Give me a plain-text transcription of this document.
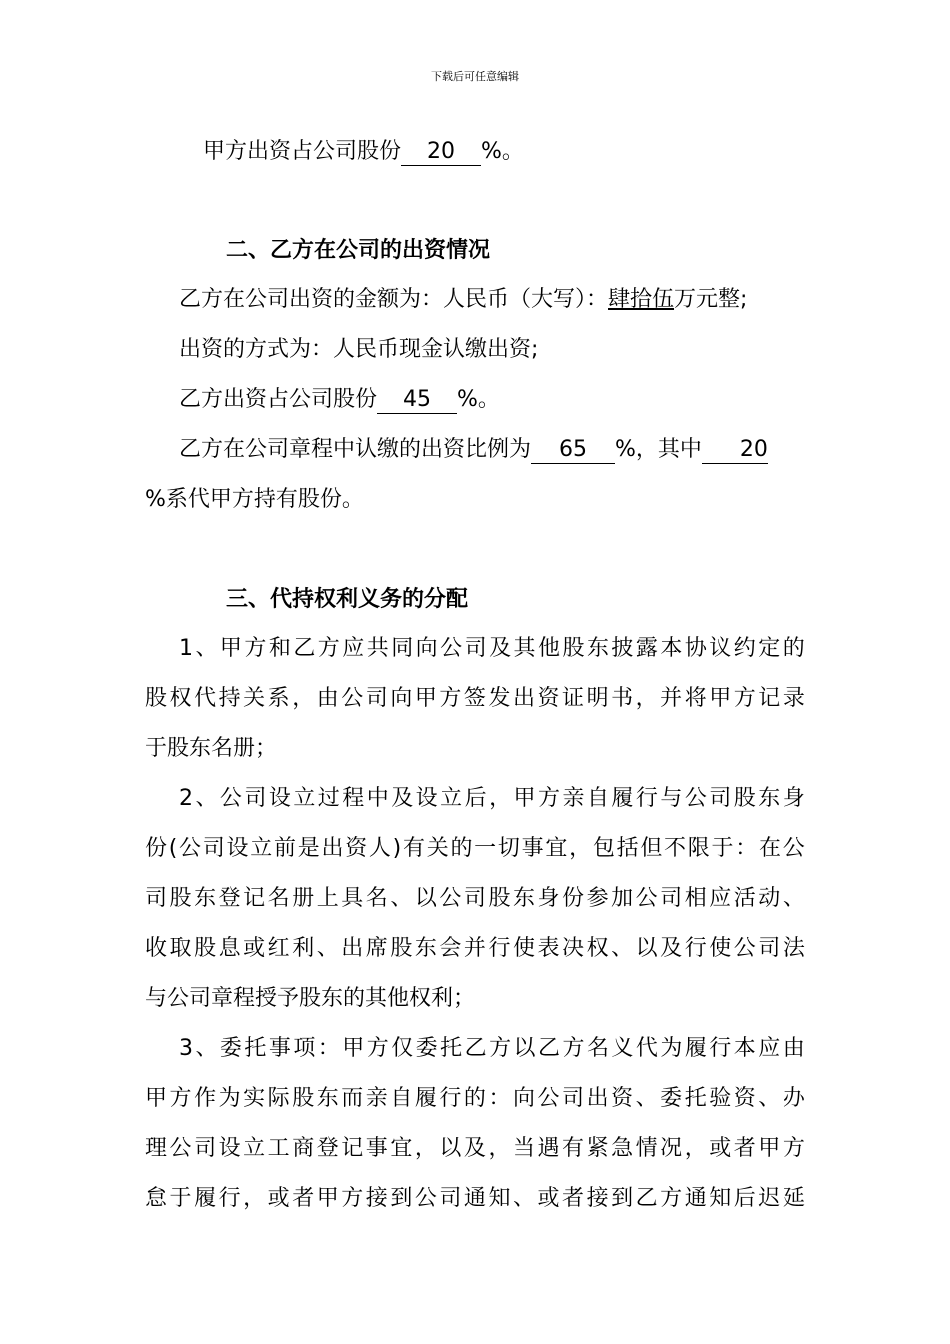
下载后可任意编辑
甲方出资占公司股份 20 %。
二、乙方在公司的出资情况
乙方在公司出资的金额为：人民币（大写）：肆拾伍万元整;
出资的方式为：人民币现金认缴出资;
乙方出资占公司股份 45 %。
乙方在公司章程中认缴的出资比例为 65 %，其中 20
%系代甲方持有股份。
三、代持权利义务的分配
1 、 甲 方 和 乙 方 应 共 同 向 公 司 及 其 他 股 东 披 露 本 协 议 约 定 的
股 权 代 持 关 系 ， 由 公 司 向 甲 方 签 发 出 资 证 明 书 ， 并 将 甲 方 记 录
于股东名册；
2 、 公 司 设 立 过 程 中 及 设 立 后 ， 甲 方 亲 自 履 行 与 公 司 股 东 身
份 ( 公 司 设 立 前 是 出 资 人 ) 有 关 的 一 切 事 宜 ， 包 括 但 不 限 于 ： 在 公
司 股 东 登 记 名 册 上 具 名 、 以 公 司 股 东 身 份 参 加 公 司 相 应 活 动 、
收 取 股 息 或 红 利 、 出 席 股 东 会 并 行 使 表 决 权 、 以 及 行 使 公 司 法
与公司章程授予股东的其他权利；
3 、 委 托 事 项 ： 甲 方 仅 委 托 乙 方 以 乙 方 名 义 代 为 履 行 本 应 由
甲 方 作 为 实 际 股 东 而 亲 自 履 行 的 ： 向 公 司 出 资 、 委 托 验 资 、 办
理 公 司 设 立 工 商 登 记 事 宜 ， 以 及 ， 当 遇 有 紧 急 情 况 ， 或 者 甲 方
怠 于 履 行 ， 或 者 甲 方 接 到 公 司 通 知 、 或 者 接 到 乙 方 通 知 后 迟 延
